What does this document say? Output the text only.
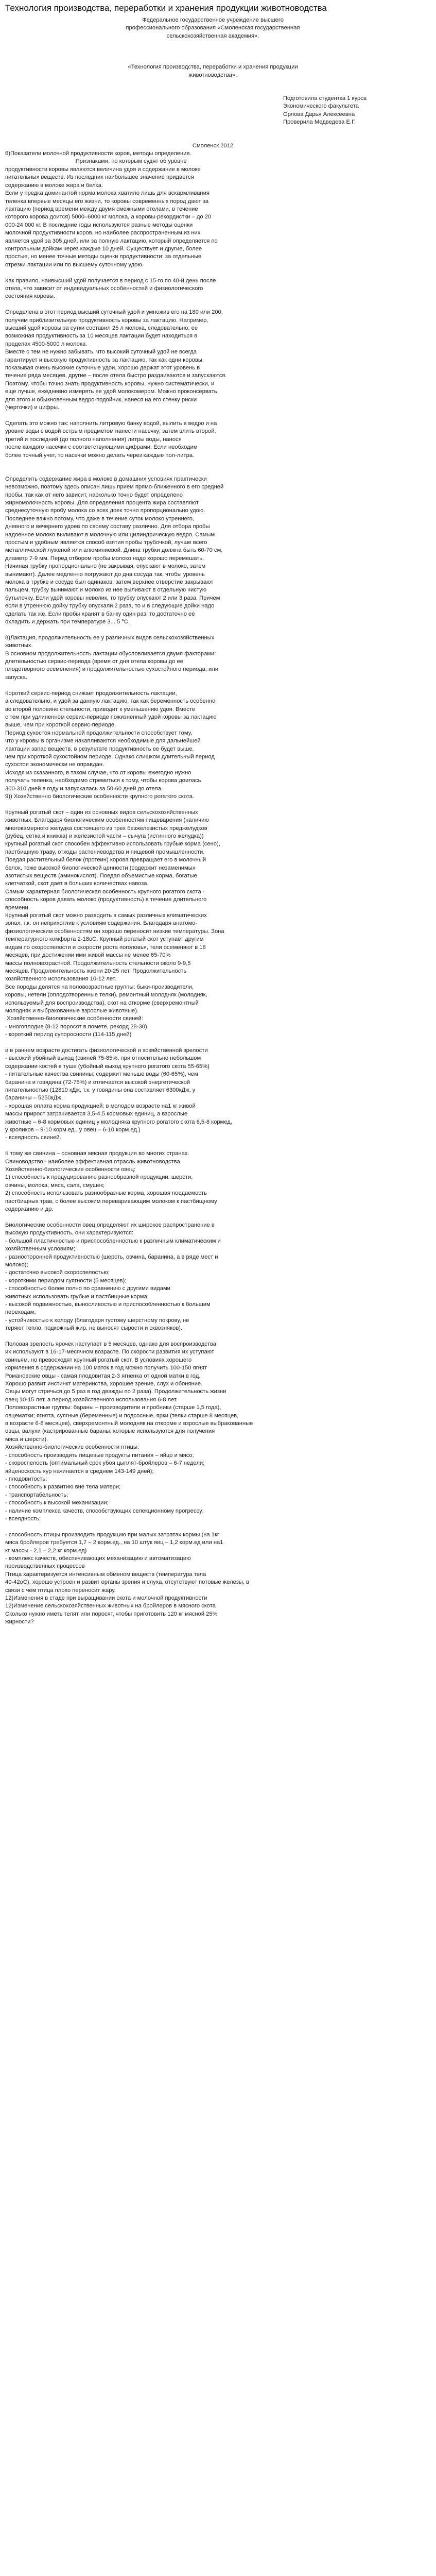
Технология производства, переработки и хранения продукции животноводства

Федеральное государственное учреждение высшего

профессионального образования «Смоленская государственная

сельскохозяйственная академия».

«Технология производства, переработки и хранения продукции

животноводства».

Подготовила студентка 1 курса

Экономического факультета

Орлова Дарья Алексеевна

Проверила Медведева Е.Г.

Смоленск 2012

6)Показатели молочной продуктивности коров, методы определения.

Признаками, по которым судят об уровне

продуктивности коровы являются величина удоя и содержание в молоке

питательных веществ. Из последних наибольшее значение придается

содержанию в молоке жира и белка.

Если у предка доминантой норма молока хватило лишь для вскармливания

теленка впервые месяцы его жизни, то коровы современных пород дают за

лактацию (период времени между двумя смежными отелами, в течение

которого корова доится) 5000–6000 кг молока, а коровы-рекордистки – до 20

000-24 000 кг. В последние годы используются разные методы оценки

молочной продуктивности коров, но наиболее распространенным из них

является удой за 305 дней, или за полную лактацию, который определяется по

контрольным дойкам через каждые 10 дней. Существует и другие, более

простые, но менее точные методы оценки продуктивности: за отдельные

отрезки лактации или по высшему суточному удою.

Как правило, наивысший удой получается в период с 15-го по 40-й день после

отела, что зависит от индивидуальных особенностей и физиологического

состояния коровы.

Определена в этот период высший суточный удой и умножив его на 180 или 200,

получим приблизительную продуктивность коровы за лактацию. Например,

высший удой коровы за сутки составил 25 л молока, следовательно, ее

возможная продуктивность за 10 месяцев лактации будет находиться в

пределах 4500-5000 л молока.

Вместе с тем не нужно забывать, что высокий суточный удой не всегда

гарантирует и высокую продуктивность за лактацию, так как одни коровы,

показывая очень высокие суточные удои, хорошо держат этот уровень в

течение ряда месяцев, другие – после отела быстро раздаиваются и запускаются.

Поэтому, чтобы точно знать продуктивность коровы, нужно систематически, и

еще лучше, ежедневно измерять ее удой молокомером. Можно проконсервать

для этого и обыкновенным ведро-подойник, нанеся на его стенку риски

(черточки) и цифры.

Сделать это можно так: наполнить литровую банку водой, вылить в ведро и на

уровне воды с водой острым предметом нанести насечку; затем влить второй,

третий и последний (до полного наполнения) литры воды, нанося

после каждого насечки с соответствующими цифрами. Если необходим

более точный учет, то насечки можно делать через каждые пол-литра.

Определить содержание жира в молоке в домашних условиях практически

невозможно, поэтому здесь описан лишь прием прямо-ближенного в его средней

пробы, так как от него зависит, насколько точно будет определено

жирномолочность коровы. Для определения процента жира составляют

среднесуточную пробу молока со всех доек точно пропорционально удою.

Последнее важно потому, что даже в течение суток молоко утреннего,

дневного и вечернего удоев по своему составу различно. Для отбора пробы

надоенное молоко выливают в молочную или цилиндрическую ведро. Самым

простым и удобным является способ взятия пробы трубочкой, лучше всего

металлической луженой или алюминиевой. Длина трубки должна быть 60-70 см,

диаметр 7-9 мм. Перед отбором пробы молоко надо хорошо перемешать.

Начиная трубку пропорционально (не закрывая, опускают в молоко, затем

вынимают). Далее медленно погружают до дна сосуда так, чтобы уровень

молока в трубке и сосуде был одинаков, затем верхнее отверстие закрывают

пальцем, трубку вынимают и молоко из нее выливают в отдельную чистую

бутылочку. Если удой коровы невелик, то трубку опускают 2 или 3 раза. Причем

если в утреннюю дойку трубку опускали 2 раза, то и в следующие дойки надо

сделать так же. Если пробы хранят в банку один раз, то достаточно ее

охладить и держать при температуре 3... 5 °С.

8)Лактация, продолжительность ее у различных видов сельскохозяйственных

животных.

В основном продолжительность лактации обусловливается двумя факторами:

длительностью сервис-периода (время от дня отела коровы до ее

плодотворного осеменения) и продолжительностью сухостойного периода, или

запуска.

Короткий сервис-период снижает продолжительность лактации,

а следовательно, и удой за данную лактацию, так как беременность особенно

во второй половине стельности, приводит к уменьшению удоя. Вместе

с тем при удлиненном сервис-периоде пожизненный удой коровы за лактацию

выше, чем при короткой сервис-периоде.

Период сухостоя нормальной продолжительности способствует тому,

что у коровы в организме накапливаются необходимые для дальнейшей

лактации запас веществ, в результате продуктивность ее будет выше,

чем при короткой сухостойном периоде. Однако слишком длительный период

сухостоя экономически не оправдан.

Исходя из сказанного, в таком случае, что от коровы ежегодно нужно

получать теленка, необходимо стремиться к тому, чтобы корова доилась

300-310 дней в году и запускалась за 50-60 дней до отела.

9)) Хозяйственно биологические особенности крупного рогатого скота.

Крупный рогатый скот – один из основных видов сельскохозяйственных

животных. Благодаря биологическим особенностям пищеварения (наличию

многокамерного желудка состоящего из трех безжелезистых преджелудков

(рубец, сетка и книжка) и железистой части – сычуга (истинного желудка))

крупный рогатый скот способен эффективно использовать грубые корма (сено),

пастбищную траву, отходы растениеводства и пищевой промышленности.

Поедая растительный белок (протеин) корова превращает его в молочный

белок, тоже высокой биологической ценности (содержит незаменимых

азотистых веществ (аминокислот). Поедая объемистые корма, богатые

клетчаткой, скот дает в больших количествах навоза.

Самым характерная биологическая особенность крупного рогатого скота -

способность коров давать молоко (продуктивность) в течение длительного

времени.

Крупный рогатый скот можно разводить в самых различных климатических

зонах, т.к. он неприхотлив к условиям содержания. Благодаря анатомо-

физиологическим особенностям он хорошо переносит низкие температуры. Зона

температурного комфорта 2-18оС. Крупный рогатый скот уступает другим

видам по скороспелости и скорости роста поголовья, тели осеменяют в 18

месяцев, при достижении ими живой массы не менее 65-70%

массы полновозрастной. Продолжительность стельности около 9-9,5

месяцев. Продолжительность жизни 20-25 лет. Продолжительность

хозяйственного использования 10-12 лет.

Все породы делятся на половозрастные группы: быки-производители,

коровы, нетели (оплодотворенные телки), ремонтный молодняк (молодняк,

используемый для воспроизводства), скот на откорме (сверхремонтный

молодняк и выбракованные взрослые животные).

Хозяйственно-биологические особенности свиней:

- многоплодие (8-12 поросят в помете, рекорд 28-30)

- короткий период супоросности (114-115 дней)

и в раннем возрасте достигать физиологической и хозяйственной зрелости

- высокий убойный выход (свиней 75-85%, при относительно небольшом

содержании костей в туше (убойный выход крупного рогатого скота 55-65%)

- питательные качества свинины; содержит меньше воды (60-65%), чем

баранина и говядина (72-75%) и отличается высокой энергетической

питательностью (12810 кДж, т.к. у говядины она составляет 6300кДж, у

баранины – 5250кДж.

- хорошая оплата корма продукцией: в молодом возрасте на1 кг живой

массы прирост затрачивается 3,5-4,5 кормовых единиц, а взрослые

животные – 6-8 кормовых единиц у молодняка крупного рогатого скота 6,5-8 кормед,

у кроликов – 9-10 корм.ед., у овец – 6-10 корм.ед.)

- всеядность свиней.

К тому же свинина – основная мясная продукция во многих странах.

Свиноводство - наиболее эффективная отрасль животноводства.

Хозяйственно-биологические особенности овец:

1) способность к продуцированию разнообразной продукции: шерсти,

овчины, молока, мяса, сала, смушек;

2) способность использовать разнообразные корма, хорошая поедаемость

пастбищных трав, с более высоким переваривающим молоком к пастбищному

содержанию и др.

Биологические особенности овец определяют их широкое распространение в

высокую продуктивность, они характеризуются:

- большой пластичностью и приспособленностью к различным климатическим и

хозяйственным условиям;

- разносторонней продуктивностью (шерсть, овчина, баранина, а в ряде мест и

молоко);

- достаточно высокой скороспелостью;

- короткими периодом суягности (5 месяцев);

- способностью более полно по сравнению с другими видами

животных использовать грубые и пастбищные корма;

- высокой подвижностью, выносливостью и приспособленностью к большим

переходам;

- устойчивостью к холоду (благодаря густому шерстному покрову, не

теряют тепло, подкожный жир, не выносят сырости и сквозняков).

Половая зрелость ярочек наступает в 5 месяцев, однако для воспроизводства

их используют в 16-17-месячном возрасте. По скорости развития их уступают

свиньям, но превосходят крупный рогатый скот. В условиях хорошего

кормления в содержании на 100 маток в год можно получить 100-150 ягнят

Романовские овцы - самая плодовитая 2-3 ягненка от одной матки в год.

Хорошо развит инстинкт материнства, хорошее зрение, слух и обоняние.

Овцы могут стричься до 5 раз в год дважды по 2 раза). Продолжительность жизни

овец 10-15 лет, а период хозяйственного использования 6-8 лет.

Половозрастные группы: бараны – производители и пробники (старше 1,5 года),

овцематки; ягнята, суягные (беременные) и подсосные, ярки (телки старше 8 месяцев,

в возрасте 6-8 месяцев), сверхремонтный молодняк на откорме и взрослые выбракованные

овцы, валухи (кастрированные бараны, которые используются для получения

мяса и шерсти).

Хозяйственно-биологические особенности птицы:

- способность производить пищевые продукты питания – яйцо и мясо;

- скороспелость (оптимальный срок убоя цыплят-бройлеров – 6-7 недели;

яйценоскость кур начинается в среднем 143-149 дней);

- плодовитость;

- способность к развитию вне тела матери;

- транспортабельность;

- способность к высокой механизации;

- наличие комплекса качеств, способствующих селекционному прогрессу;

- всеядность;

- способность птицы производить продукцию при малых затратах кормы (на 1кг

мяса бройлеров требуется 1,7 – 2 корм.ед., на 10 штук яиц – 1,2 корм.ед или на1

кг массы - 2,1 – 2,2 кг корм.ед)

- комплекс качеств, обеспечивающих механизацию и автоматизацию

производственных процессов

Птица характеризуется интенсивным обменом веществ (температура тела

40-42оС), хорошо устроен и развит органы зрения и слуха, отсутствуют потовые железы, в

связи с чем птица плохо переносит жару.

12)Изменения в стаде при выращивании скота и молочной продуктивности

12)Изменение сельскохозяйственных животных на бройлеров в мясного скота

Сколько нужно иметь телят или поросят, чтобы приготовить 120 кг мясной 25%

жирности?
